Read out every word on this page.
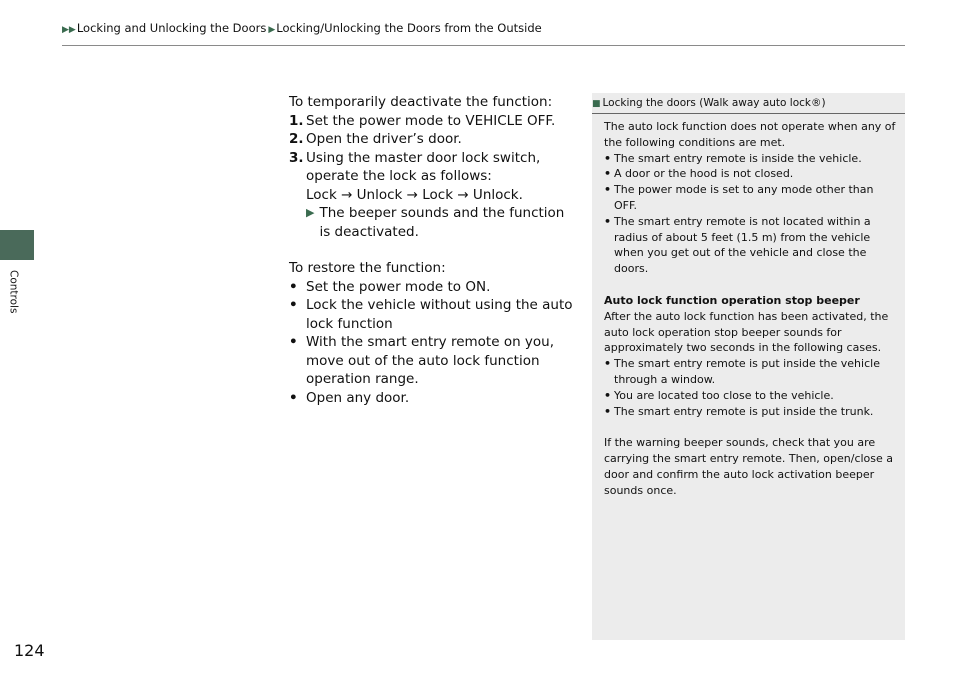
▶▶Locking and Unlocking the Doors ▶Locking/Unlocking the Doors from the Outside
Controls
124

To temporarily deactivate the function:

1. Set the power mode to VEHICLE OFF.
2. Open the driver’s door.
3. Using the master door lock switch, operate the lock as follows:

Lock → Unlock → Lock → Unlock.

▶ The beeper sounds and the function is deactivated.

To restore the function:

• Set the power mode to ON.
• Lock the vehicle without using the auto lock function
• With the smart entry remote on you, move out of the auto lock function operation range.
• Open any door.
■ Locking the doors (Walk away auto lock®)

The auto lock function does not operate when any of the following conditions are met.

• The smart entry remote is inside the vehicle.
• A door or the hood is not closed.
• The power mode is set to any mode other than OFF.
• The smart entry remote is not located within a radius of about 5 feet (1.5 m) from the vehicle when you get out of the vehicle and close the doors.

Auto lock function operation stop beeper

After the auto lock function has been activated, the auto lock operation stop beeper sounds for approximately two seconds in the following cases.

• The smart entry remote is put inside the vehicle through a window.
• You are located too close to the vehicle.
• The smart entry remote is put inside the trunk.

If the warning beeper sounds, check that you are carrying the smart entry remote. Then, open/close a door and confirm the auto lock activation beeper sounds once.
